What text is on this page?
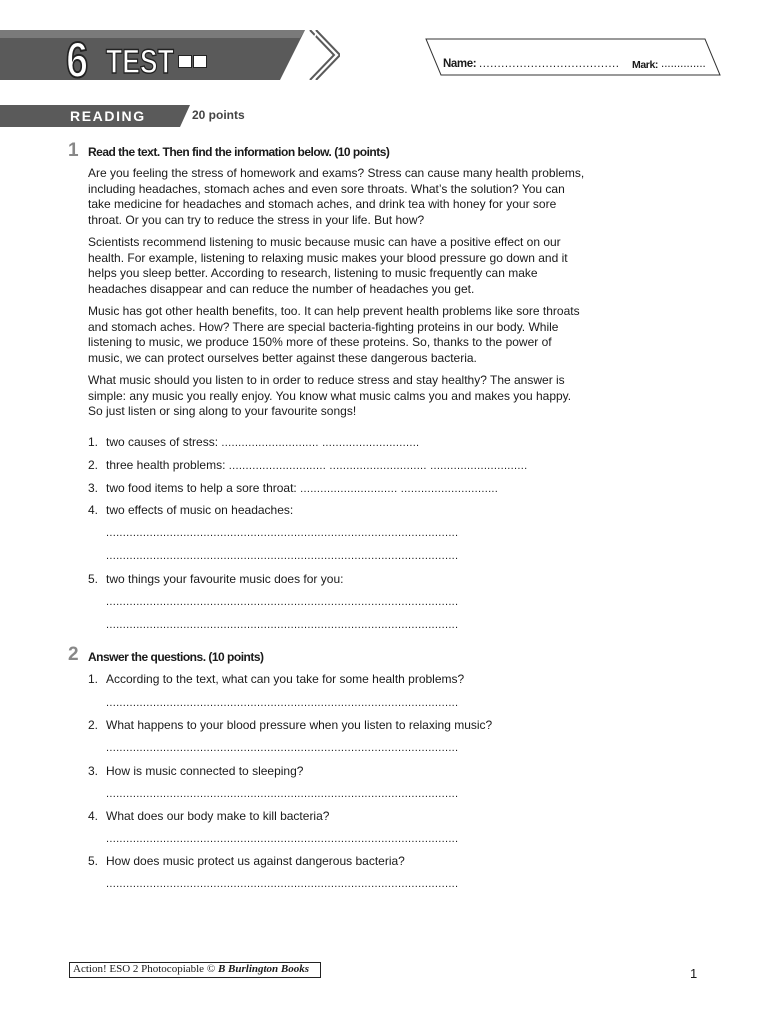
6 TEST	Name: ...................................... Mark: ..............
READING	20 points
1 Read the text. Then find the information below. (10 points)

Are you feeling the stress of homework and exams? Stress can cause many health problems, including headaches, stomach aches and even sore throats. What’s the solution? You can take medicine for headaches and stomach aches, and drink tea with honey for your sore throat. Or you can try to reduce the stress in your life. But how?

Scientists recommend listening to music because music can have a positive effect on our health. For example, listening to relaxing music makes your blood pressure go down and it helps you sleep better. According to research, listening to music frequently can make headaches disappear and can reduce the number of headaches you get.

Music has got other health benefits, too. It can help prevent health problems like sore throats and stomach aches. How? There are special bacteria-fighting proteins in our body. While listening to music, we produce 150% more of these proteins. So, thanks to the power of music, we can protect ourselves better against these dangerous bacteria.

What music should you listen to in order to reduce stress and stay healthy? The answer is simple: any music you really enjoy. You know what music calms you and makes you happy. So just listen or sing along to your favourite songs!

1. two causes of stress: ............................. .............................
2. three health problems: ............................. ............................. .............................
3. two food items to help a sore throat: ............................. .............................
4. two effects of music on headaches:
.........................................................................................................
.........................................................................................................
5. two things your favourite music does for you:
.........................................................................................................
.........................................................................................................
2 Answer the questions. (10 points)
1. According to the text, what can you take for some health problems?
.........................................................................................................
2. What happens to your blood pressure when you listen to relaxing music?
.........................................................................................................
3. How is music connected to sleeping?
.........................................................................................................
4. What does our body make to kill bacteria?
.........................................................................................................
5. How does music protect us against dangerous bacteria?
.........................................................................................................
Action! ESO 2 Photocopiable © B Burlington Books	1
